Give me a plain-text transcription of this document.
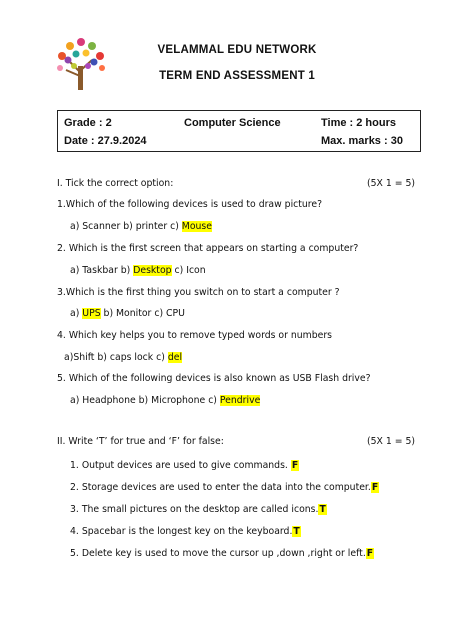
VELAMMAL EDU NETWORK
TERM END ASSESSMENT 1
Grade : 2	Computer Science	Time : 2 hours
Date : 27.9.2024	Max. marks : 30
I. Tick the correct option:	(5X 1 = 5)
1.Which of the following devices is used to draw picture?
a) Scanner b) printer c) Mouse
2. Which is the first screen that appears on starting a computer?
a) Taskbar b) Desktop c) Icon
3.Which is the first thing you switch on to start a computer ?
a) UPS b) Monitor c) CPU
4. Which key helps you to remove typed words or numbers
a)Shift b) caps lock c) del
5. Which of the following devices is also known as USB Flash drive?
a) Headphone b) Microphone c) Pendrive
II. Write ‘T’ for true and ‘F’ for false:	(5X 1 = 5)
1. Output devices are used to give commands. F
2. Storage devices are used to enter the data into the computer.F
3. The small pictures on the desktop are called icons.T
4. Spacebar is the longest key on the keyboard.T
5. Delete key is used to move the cursor up ,down ,right or left.F
